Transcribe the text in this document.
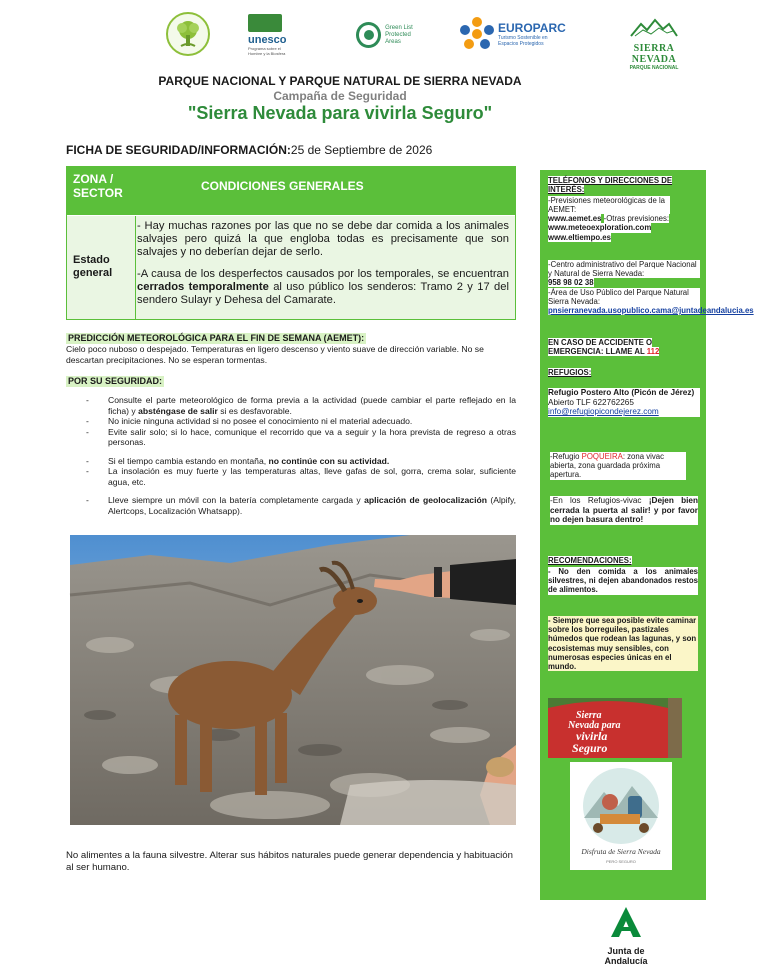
unesco
Programa sobre el Hombre y la Biosfera
Green List
Protected Areas
EUROPARC
Turismo Sostenible en
Espacios Protegidos	SIERRA
NEVADA
PARQUE NACIONAL
PARQUE NACIONAL Y PARQUE NATURAL DE SIERRA NEVADA
Campaña de Seguridad
"Sierra Nevada para vivirla Seguro"
FICHA DE SEGURIDAD/INFORMACIÓN:25 de Septiembre de 2026
ZONA / SECTOR	CONDICIONES GENERALES
Estado general

- Hay muchas razones por las que no se debe dar comida a los animales salvajes pero quizá la que engloba todas es precisamente que son salvajes y no deberían dejar de serlo.

-A causa de los desperfectos causados por los temporales, se encuentran cerrados temporalmente al uso público los senderos: Tramo 2 y 17 del sendero Sulayr y Dehesa del Camarate.

PREDICCIÓN METEOROLÓGICA PARA EL FIN DE SEMANA (AEMET):
Cielo poco nuboso o despejado. Temperaturas en ligero descenso y viento suave de dirección variable. No se descartan precipitaciones. No se esperan tormentas.
POR SU SEGURIDAD:
- Consulte el parte meteorológico de forma previa a la actividad (puede cambiar el parte reflejado en la ficha) y absténgase de salir si es desfavorable.
- No inicie ninguna actividad si no posee el conocimiento ni el material adecuado.
- Evite salir solo; si lo hace, comunique el recorrido que va a seguir y la hora prevista de regreso a otras personas.
- Si el tiempo cambia estando en montaña, no continúe con su actividad.
- La insolación es muy fuerte y las temperaturas altas, lleve gafas de sol, gorra, crema solar, suficiente agua, etc.
- Lleve siempre un móvil con la batería completamente cargada y aplicación de geolocalización (Alpify, Alertcops, Localización Whatsapp).
No alimentes a la fauna silvestre. Alterar sus hábitos naturales puede generar dependencia y habituación al ser humano.
TELÉFONOS Y DIRECCIONES DE INTERÉS:
-Previsiones meteorológicas de la AEMET:

www.aemet.es -Otras previsiones: www.meteoexploration.com www.eltiempo.es
-Centro administrativo del Parque Nacional y Natural de Sierra Nevada:
958 98 02 38
-Área de Uso Público del Parque Natural Sierra Nevada:
pnsierranevada.usopublico.cama@juntadeandalucia.es
EN CASO DE ACCIDENTE O EMERGENCIA: LLAME AL 112
REFUGIOS:
Refugio Postero Alto (Picón de Jérez)
Abierto TLF 622762265
info@refugiopicondejerez.com
-Refugio POQUEIRA: zona vivac abierta, zona guardada próxima apertura.
-En los Refugios-vivac ¡Dejen bien cerrada la puerta al salir! y por favor no dejen basura dentro!
RECOMENDACIONES:
- No den comida a los animales silvestres, ni dejen abandonados restos de alimentos.
- Siempre que sea posible evite caminar sobre los borreguiles, pastizales húmedos que rodean las lagunas, y son ecosistemas muy sensibles, con numerosas especies únicas en el mundo.
Sierra
Nevada para
vivirla
Seguro
Disfruta de Sierra Nevada
PERO SEGURO
Junta de Andalucía
